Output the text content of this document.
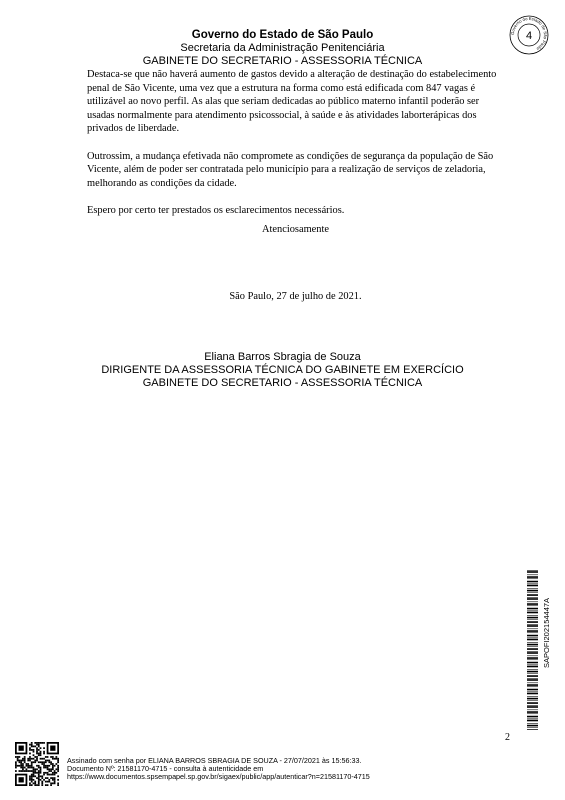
Governo do Estado de São Paulo
Secretaria da Administração Penitenciária
GABINETE DO SECRETARIO - ASSESSORIA TÉCNICA
Governo do Estado de São Paulo
4

Destaca-se que não haverá aumento de gastos devido a alteração de destinação do estabelecimento penal de São Vicente, uma vez que a estrutura na forma como está edificada com 847 vagas é utilizável ao novo perfil. As alas que seriam dedicadas ao público materno infantil poderão ser usadas normalmente para atendimento psicossocial, à saúde e às atividades laborterápicas dos privados de liberdade.

Outrossim, a mudança efetivada não compromete as condições de segurança da população de São Vicente, além de poder ser contratada pelo município para a realização de serviços de zeladoria, melhorando as condições da cidade.

Espero por certo ter prestados os esclarecimentos necessários.

Atenciosamente
São Paulo, 27 de julho de 2021.
Eliana Barros Sbragia de Souza
DIRIGENTE DA ASSESSORIA TÉCNICA DO GABINETE EM EXERCÍCIO
GABINETE DO SECRETARIO - ASSESSORIA TÉCNICA
SAPOFI202154447A
2
Assinado com senha por ELIANA BARROS SBRAGIA DE SOUZA - 27/07/2021 às 15:56:33.
Documento Nº: 21581170-4715 - consulta à autenticidade em
https://www.documentos.spsempapel.sp.gov.br/sigaex/public/app/autenticar?n=21581170-4715
